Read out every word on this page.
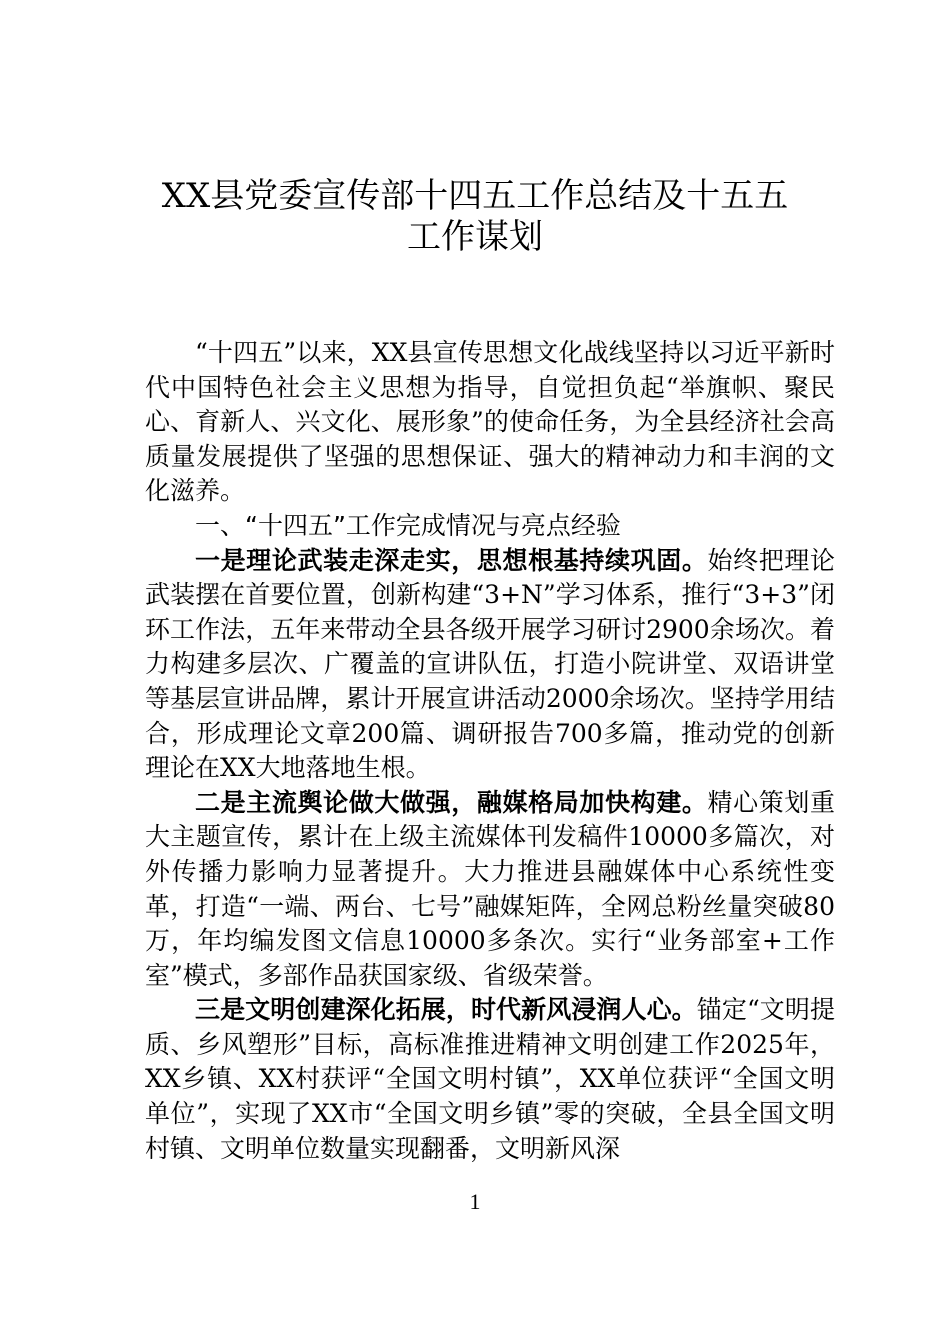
XX县党委宣传部十四五工作总结及十五五
工作谋划

“十四五”以来，XX县宣传思想文化战线坚持以习近平新时代中国特色社会主义思想为指导，自觉担负起“举旗帜、聚民心、育新人、兴文化、展形象”的使命任务，为全县经济社会高质量发展提供了坚强的思想保证、强大的精神动力和丰润的文化滋养。

一、“十四五”工作完成情况与亮点经验

一是理论武装走深走实，思想根基持续巩固。始终把理论武装摆在首要位置，创新构建“3+N”学习体系，推行“3+3”闭环工作法，五年来带动全县各级开展学习研讨2900余场次。着力构建多层次、广覆盖的宣讲队伍，打造小院讲堂、双语讲堂等基层宣讲品牌，累计开展宣讲活动2000余场次。坚持学用结合，形成理论文章200篇、调研报告700多篇，推动党的创新理论在XX大地落地生根。

二是主流舆论做大做强，融媒格局加快构建。精心策划重大主题宣传，累计在上级主流媒体刊发稿件10000多篇次，对外传播力影响力显著提升。大力推进县融媒体中心系统性变革，打造“一端、两台、七号”融媒矩阵，全网总粉丝量突破80万，年均编发图文信息10000多条次。实行“业务部室+工作室”模式，多部作品获国家级、省级荣誉。

三是文明创建深化拓展，时代新风浸润人心。锚定“文明提质、乡风塑形”目标，高标准推进精神文明创建工作2025年，XX乡镇、XX村获评“全国文明村镇”，XX单位获评“全国文明单位”，实现了XX市“全国文明乡镇”零的突破，全县全国文明村镇、文明单位数量实现翻番，文明新风深

1
